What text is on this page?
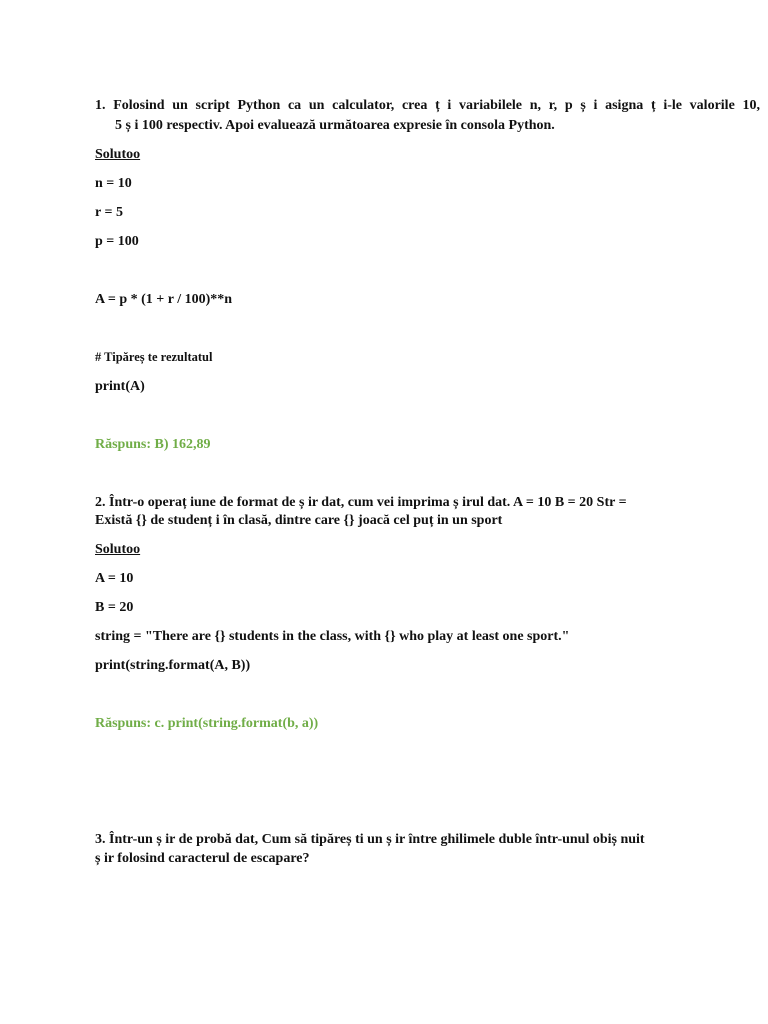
1. Folosind un script Python ca un calculator, crea ț i variabilele n, r, p ș i asigna ț i-le valorile 10,
5 ș i 100 respectiv. Apoi evaluează următoarea expresie în consola Python.
Solutoo
n = 10
r = 5
p = 100
A = p * (1 + r / 100)**n
# Tipăreș te rezultatul
print(A)
Răspuns: B) 162,89
2. Într-o operaț iune de format de ș ir dat, cum vei imprima ș irul dat. A = 10 B = 20 Str =
Există {} de studenț i în clasă, dintre care {} joacă cel puț in un sport
Solutoo
A = 10
B = 20
string = "There are {} students in the class, with {} who play at least one sport."
print(string.format(A, B))
Răspuns: c. print(string.format(b, a))
3. Într-un ș ir de probă dat, Cum să tipăreș ti un ș ir între ghilimele duble într-unul obiș nuit
ș ir folosind caracterul de escapare?
